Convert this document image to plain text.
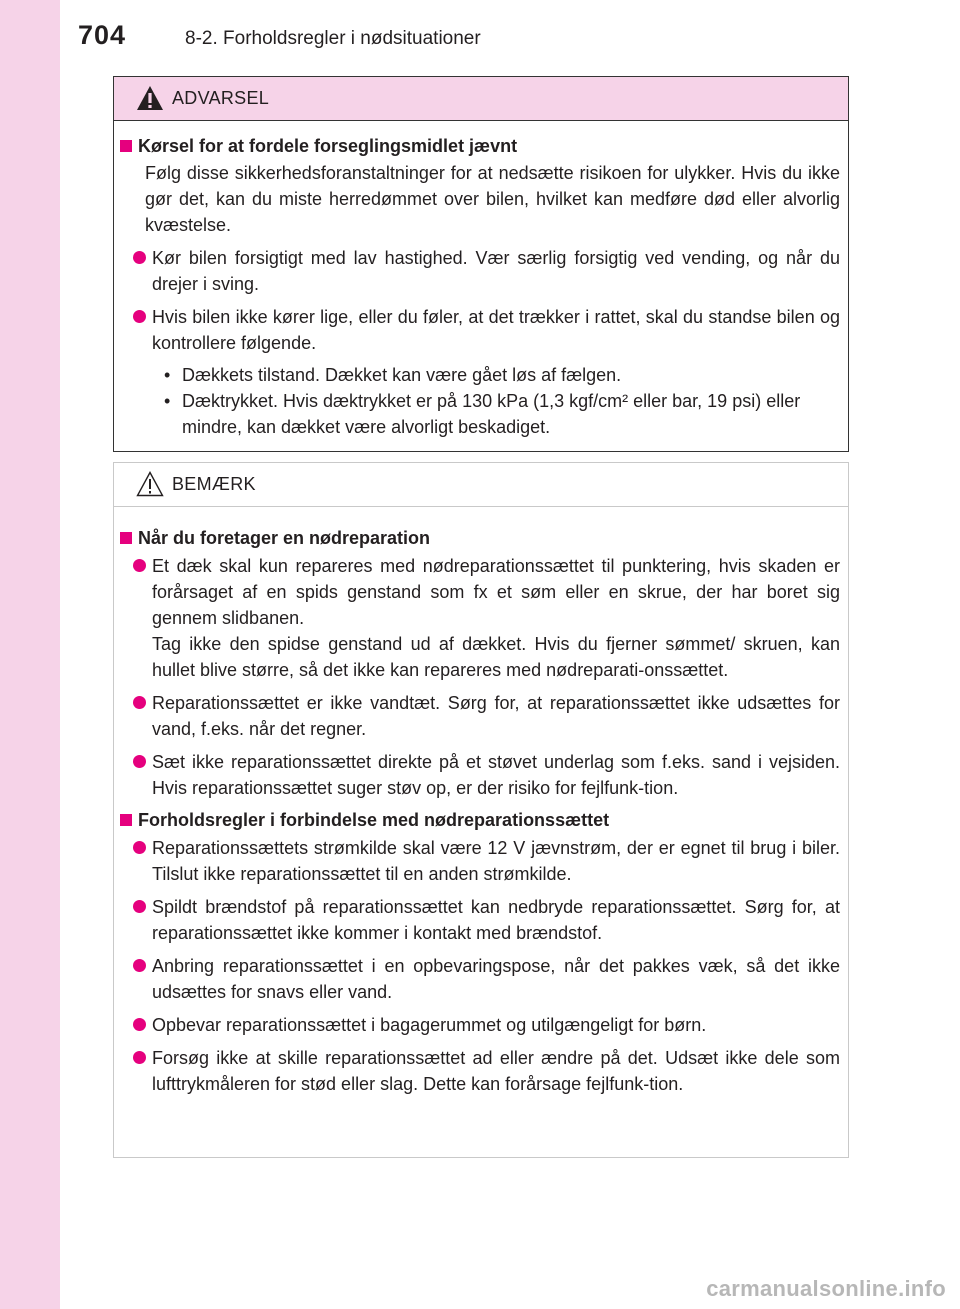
704	8-2. Forholdsregler i nødsituationer
ADVARSEL
Kørsel for at fordele forseglingsmidlet jævnt
Følg disse sikkerhedsforanstaltninger for at nedsætte risikoen for ulykker. Hvis du ikke gør det, kan du miste herredømmet over bilen, hvilket kan medføre død eller alvorlig kvæstelse.
Kør bilen forsigtigt med lav hastighed. Vær særlig forsigtig ved vending, og når du drejer i sving.
Hvis bilen ikke kører lige, eller du føler, at det trækker i rattet, skal du standse bilen og kontrollere følgende.
• Dækkets tilstand. Dækket kan være gået løs af fælgen.
• Dæktrykket. Hvis dæktrykket er på 130 kPa (1,3 kgf/cm² eller bar, 19 psi) eller mindre, kan dækket være alvorligt beskadiget.
BEMÆRK
Når du foretager en nødreparation
Et dæk skal kun repareres med nødreparationssættet til punktering, hvis skaden er forårsaget af en spids genstand som fx et søm eller en skrue, der har boret sig gennem slidbanen.
Tag ikke den spidse genstand ud af dækket. Hvis du fjerner sømmet/ skruen, kan hullet blive større, så det ikke kan repareres med nødreparati-onssættet.
Reparationssættet er ikke vandtæt. Sørg for, at reparationssættet ikke udsættes for vand, f.eks. når det regner.
Sæt ikke reparationssættet direkte på et støvet underlag som f.eks. sand i vejsiden. Hvis reparationssættet suger støv op, er der risiko for fejlfunk-tion.
Forholdsregler i forbindelse med nødreparationssættet
Reparationssættets strømkilde skal være 12 V jævnstrøm, der er egnet til brug i biler. Tilslut ikke reparationssættet til en anden strømkilde.
Spildt brændstof på reparationssættet kan nedbryde reparationssættet. Sørg for, at reparationssættet ikke kommer i kontakt med brændstof.
Anbring reparationssættet i en opbevaringspose, når det pakkes væk, så det ikke udsættes for snavs eller vand.
Opbevar reparationssættet i bagagerummet og utilgængeligt for børn.
Forsøg ikke at skille reparationssættet ad eller ændre på det. Udsæt ikke dele som lufttrykmåleren for stød eller slag. Dette kan forårsage fejlfunk-tion.
carmanualsonline.info
